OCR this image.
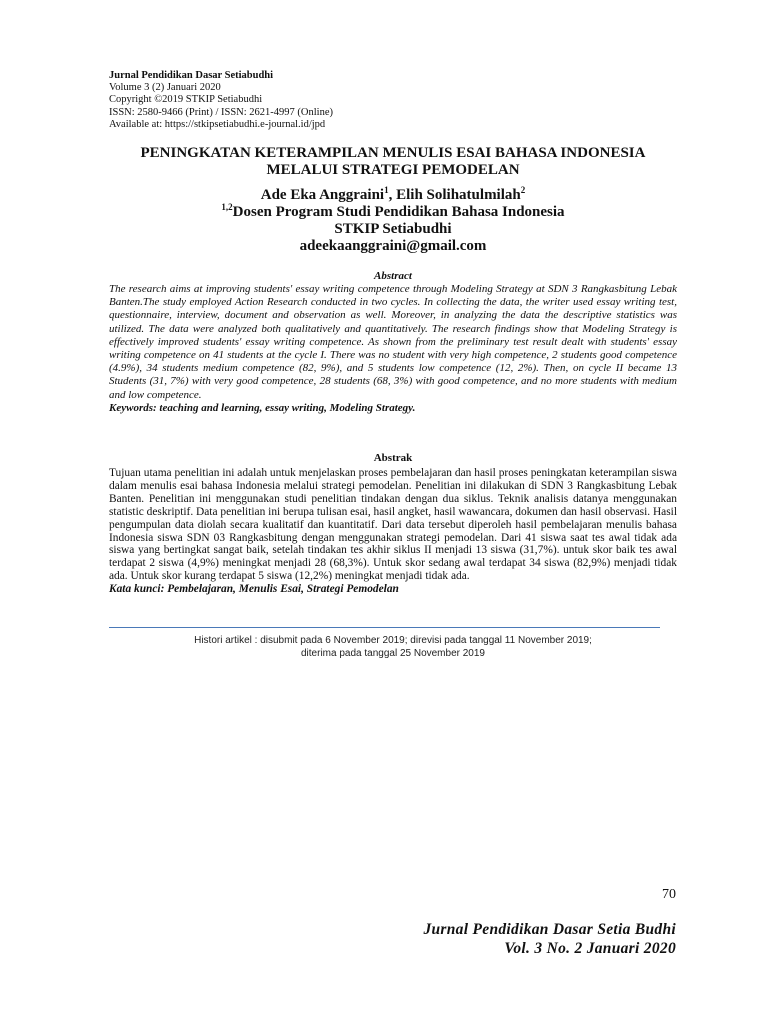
Jurnal Pendidikan Dasar Setiabudhi
Volume 3 (2) Januari 2020
Copyright ©2019 STKIP Setiabudhi
ISSN: 2580-9466 (Print) / ISSN: 2621-4997 (Online)
Available at: https://stkipsetiabudhi.e-journal.id/jpd
PENINGKATAN KETERAMPILAN MENULIS ESAI BAHASA INDONESIA
MELALUI STRATEGI PEMODELAN
Ade Eka Anggraini$^1$, Elih Solihatulmilah$^2$
$^{1,2}$Dosen Program Studi Pendidikan Bahasa Indonesia
STKIP Setiabudhi
adeekaanggraini@gmail.com
Abstract
The research aims at improving students' essay writing competence through Modeling Strategy at SDN 3 Rangkasbitung Lebak Banten.The study employed Action Research conducted in two cycles. In collecting the data, the writer used essay writing test, questionnaire, interview, document and observation as well. Moreover, in analyzing the data the descriptive statistics was utilized. The data were analyzed both qualitatively and quantitatively. The research findings show that Modeling Strategy is effectively improved students' essay writing competence. As shown from the preliminary test result dealt with students' essay writing competence on 41 students at the cycle I. There was no student with very high competence, 2 students good competence (4.9%), 34 students medium competence (82, 9%), and 5 students low competence (12, 2%). Then, on cycle II became 13 Students (31, 7%) with very good competence, 28 students (68, 3%) with good competence, and no more students with medium and low competence.
Keywords: teaching and learning, essay writing, Modeling Strategy.
Abstrak
Tujuan utama penelitian ini adalah untuk menjelaskan proses pembelajaran dan hasil proses peningkatan keterampilan siswa dalam menulis esai bahasa Indonesia melalui strategi pemodelan. Penelitian ini dilakukan di SDN 3 Rangkasbitung Lebak Banten. Penelitian ini menggunakan studi penelitian tindakan dengan dua siklus. Teknik analisis datanya menggunakan statistic deskriptif. Data penelitian ini berupa tulisan esai, hasil angket, hasil wawancara, dokumen dan hasil observasi. Hasil pengumpulan data diolah secara kualitatif dan kuantitatif. Dari data tersebut diperoleh hasil pembelajaran menulis bahasa Indonesia siswa SDN 03 Rangkasbitung dengan menggunakan strategi pemodelan. Dari 41 siswa saat tes awal tidak ada siswa yang bertingkat sangat baik, setelah tindakan tes akhir siklus II menjadi 13 siswa (31,7%). untuk skor baik tes awal terdapat 2 siswa (4,9%) meningkat menjadi 28 (68,3%). Untuk skor sedang awal terdapat 34 siswa (82,9%) menjadi tidak ada. Untuk skor kurang terdapat 5 siswa (12,2%) meningkat menjadi tidak ada.
Kata kunci: Pembelajaran, Menulis Esai, Strategi Pemodelan
Histori artikel : disubmit pada 6 November 2019; direvisi pada tanggal 11 November 2019;
diterima pada tanggal 25 November 2019
70
Jurnal Pendidikan Dasar Setia Budhi
Vol. 3 No. 2 Januari 2020
